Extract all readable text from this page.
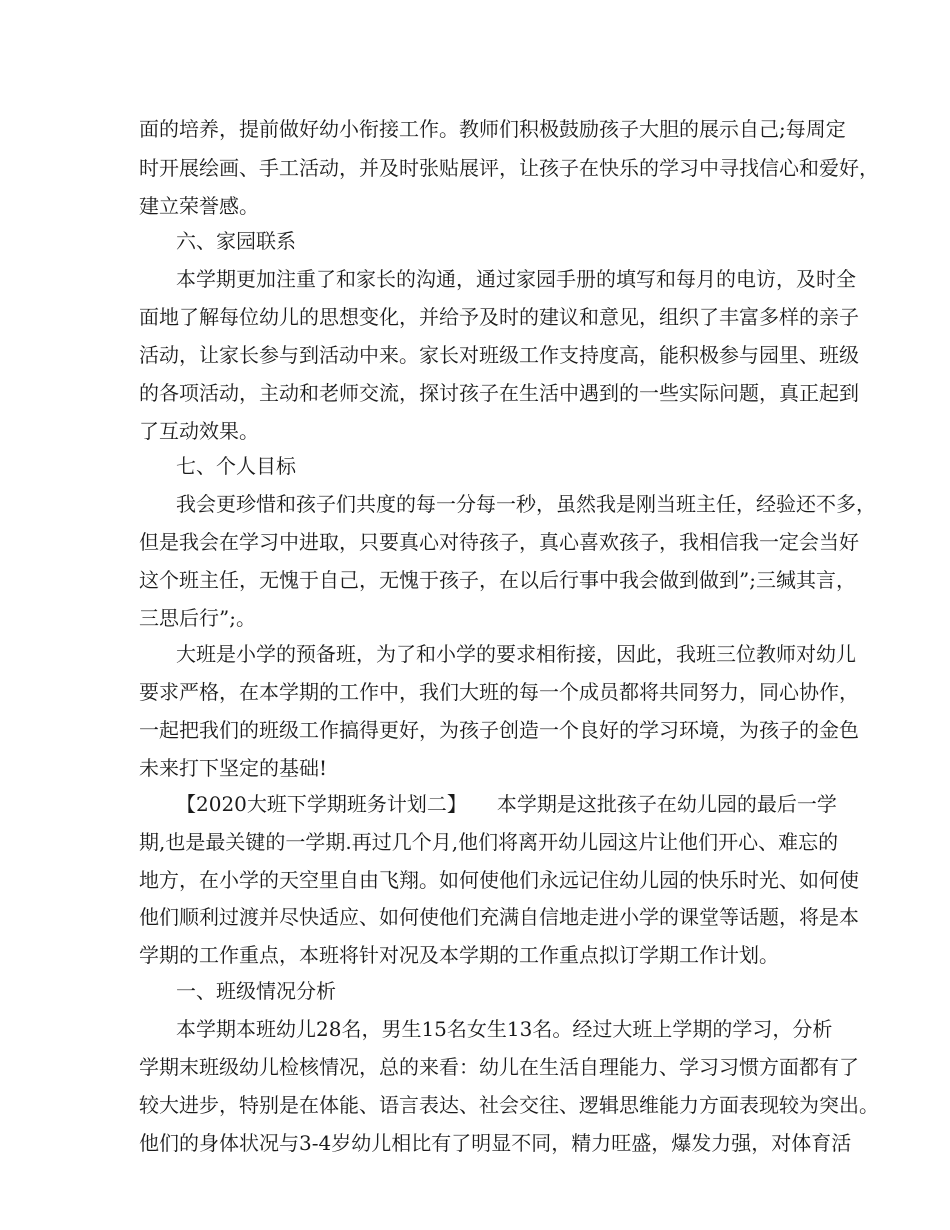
面的培养，提前做好幼小衔接工作。教师们积极鼓励孩子大胆的展示自己;每周定
时开展绘画、手工活动，并及时张贴展评，让孩子在快乐的学习中寻找信心和爱好，
建立荣誉感。
六、家园联系
本学期更加注重了和家长的沟通，通过家园手册的填写和每月的电访，及时全
面地了解每位幼儿的思想变化，并给予及时的建议和意见，组织了丰富多样的亲子
活动，让家长参与到活动中来。家长对班级工作支持度高，能积极参与园里、班级
的各项活动，主动和老师交流，探讨孩子在生活中遇到的一些实际问题，真正起到
了互动效果。
七、个人目标
我会更珍惜和孩子们共度的每一分每一秒，虽然我是刚当班主任，经验还不多，
但是我会在学习中进取，只要真心对待孩子，真心喜欢孩子，我相信我一定会当好
这个班主任，无愧于自己，无愧于孩子，在以后行事中我会做到做到”;三缄其言，
三思后行”;。
大班是小学的预备班，为了和小学的要求相衔接，因此，我班三位教师对幼儿
要求严格，在本学期的工作中，我们大班的每一个成员都将共同努力，同心协作，
一起把我们的班级工作搞得更好，为孩子创造一个良好的学习环境，为孩子的金色
未来打下坚定的基础!
【2020大班下学期班务计划二】　　本学期是这批孩子在幼儿园的最后一学
期,也是最关键的一学期.再过几个月,他们将离开幼儿园这片让他们开心、难忘的
地方，在小学的天空里自由飞翔。如何使他们永远记住幼儿园的快乐时光、如何使
他们顺利过渡并尽快适应、如何使他们充满自信地走进小学的课堂等话题，将是本
学期的工作重点，本班将针对况及本学期的工作重点拟订学期工作计划。
一、班级情况分析
本学期本班幼儿28名，男生15名女生13名。经过大班上学期的学习，分析
学期末班级幼儿检核情况，总的来看：幼儿在生活自理能力、学习习惯方面都有了
较大进步，特别是在体能、语言表达、社会交往、逻辑思维能力方面表现较为突出。
他们的身体状况与3-4岁幼儿相比有了明显不同，精力旺盛，爆发力强，对体育活
